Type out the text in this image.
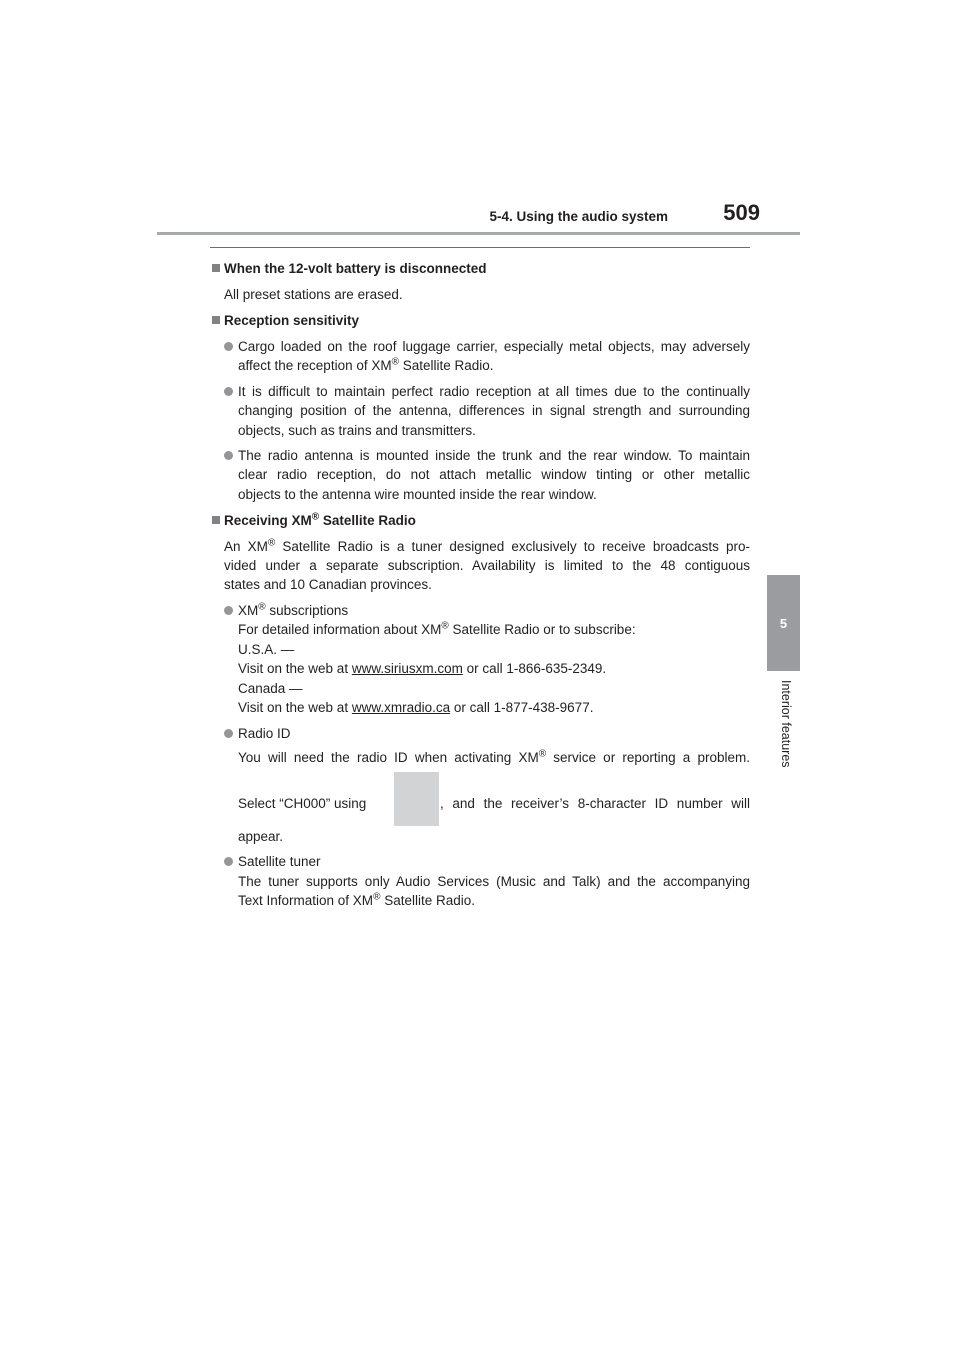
5-4. Using the audio system	509
5
Interior features
When the 12-volt battery is disconnected
All preset stations are erased.
Reception sensitivity
Cargo loaded on the roof luggage carrier, especially metal objects, may adversely
affect the reception of XM® Satellite Radio.
It is difficult to maintain perfect radio reception at all times due to the continually
changing position of the antenna, differences in signal strength and surrounding
objects, such as trains and transmitters.
The radio antenna is mounted inside the trunk and the rear window. To maintain
clear radio reception, do not attach metallic window tinting or other metallic
objects to the antenna wire mounted inside the rear window.
Receiving XM® Satellite Radio
An XM® Satellite Radio is a tuner designed exclusively to receive broadcasts pro-
vided under a separate subscription. Availability is limited to the 48 contiguous
states and 10 Canadian provinces.
XM® subscriptions
For detailed information about XM® Satellite Radio or to subscribe:
U.S.A. —
Visit on the web at www.siriusxm.com or call 1-866-635-2349.
Canada —
Visit on the web at www.xmradio.ca or call 1-877-438-9677.
Radio ID
You will need the radio ID when activating XM® service or reporting a problem.
Select “CH000” using	, and the receiver’s 8-character ID number will
appear.
Satellite tuner
The tuner supports only Audio Services (Music and Talk) and the accompanying
Text Information of XM® Satellite Radio.
